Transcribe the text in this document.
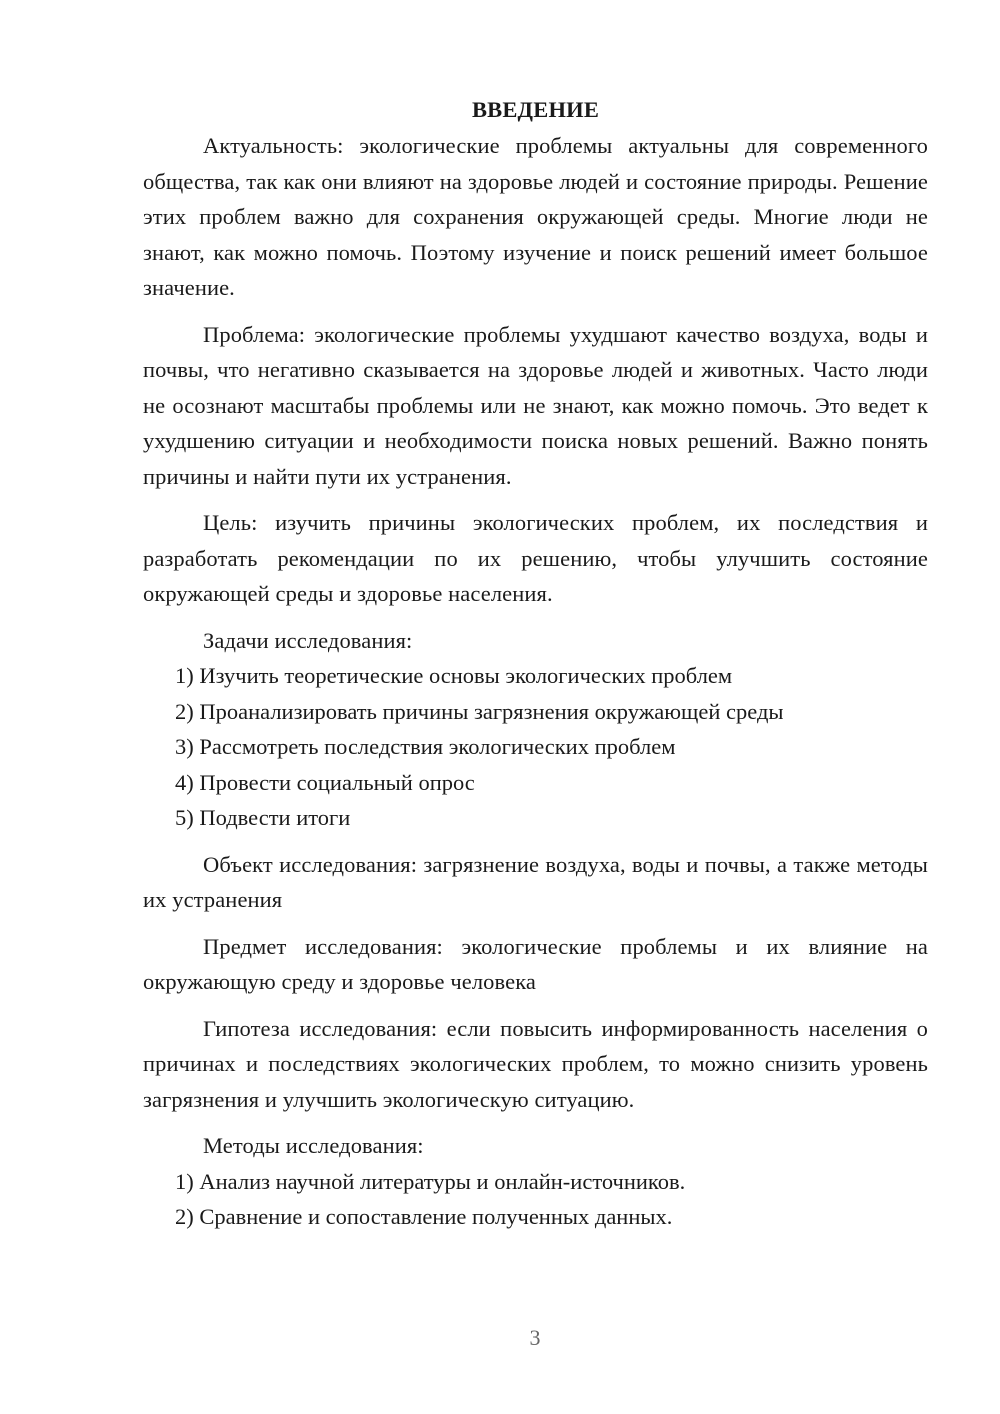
ВВЕДЕНИЕ

Актуальность: экологические проблемы актуальны для современного общества, так как они влияют на здоровье людей и состояние природы. Решение этих проблем важно для сохранения окружающей среды. Многие люди не знают, как можно помочь. Поэтому изучение и поиск решений имеет большое значение.

Проблема: экологические проблемы ухудшают качество воздуха, воды и почвы, что негативно сказывается на здоровье людей и животных. Часто люди не осознают масштабы проблемы или не знают, как можно помочь. Это ведет к ухудшению ситуации и необходимости поиска новых решений. Важно понять причины и найти пути их устранения.

Цель: изучить причины экологических проблем, их последствия и разработать рекомендации по их решению, чтобы улучшить состояние окружающей среды и здоровье населения.

Задачи исследования:

1) Изучить теоретические основы экологических проблем

2) Проанализировать причины загрязнения окружающей среды

3) Рассмотреть последствия экологических проблем

4) Провести социальный опрос

5) Подвести итоги

Объект исследования: загрязнение воздуха, воды и почвы, а также методы их устранения

Предмет исследования: экологические проблемы и их влияние на окружающую среду и здоровье человека

Гипотеза исследования: если повысить информированность населения о причинах и последствиях экологических проблем, то можно снизить уровень загрязнения и улучшить экологическую ситуацию.

Методы исследования:

1) Анализ научной литературы и онлайн-источников.

2) Сравнение и сопоставление полученных данных.

3
